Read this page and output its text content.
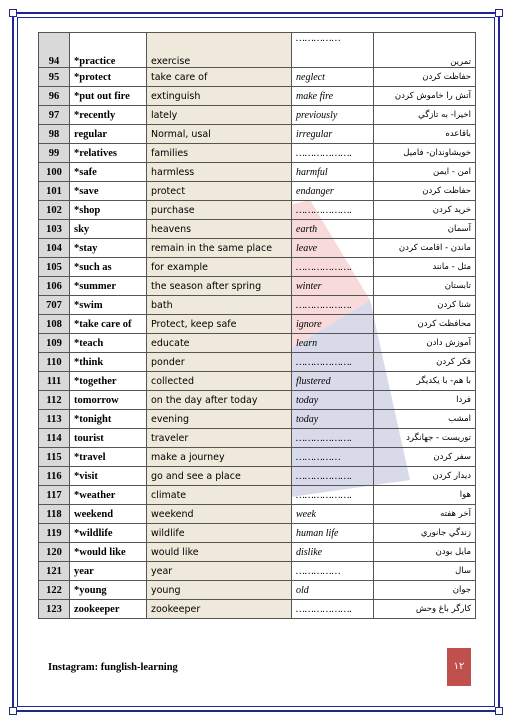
94	*practice	exercise	……………	تمرين
95	*protect	take care of	neglect	حفاظت کردن
96	*put out fire	extinguish	make fire	آتش را خاموش کردن
97	*recently	lately	previously	اخيرا- به تازگي
98	regular	Normal, usal	irregular	باقاعده
99	*relatives	families	……………….	خويشاوندان- فاميل
100	*safe	harmless	harmful	امن - ايمن
101	*save	protect	endanger	حفاظت کردن
102	*shop	purchase	……………….	خريد کردن
103	sky	heavens	earth	آسمان
104	*stay	remain in the same place	leave	ماندن - اقامت کردن
105	*such as	for example	……………….	مثل - مانند
106	*summer	the season after spring	winter	تابستان
707	*swim	bath	……………….	شنا کردن
108	*take care of	Protect, keep safe	ignore	محافظت کردن
109	*teach	educate	learn	آموزش دادن
110	*think	ponder	……………….	فکر کردن
111	*together	collected	flustered	با هم- با يکديگر
112	tomorrow	on the day after today	today	فردا
113	*tonight	evening	today	امشب
114	tourist	traveler	……………….	توريست - جهانگرد
115	*travel	make a journey	……………	سفر کردن
116	*visit	go and see a place	……………….	ديدار کردن
117	*weather	climate	……………….	هوا
118	weekend	weekend	week	آخر هفته
119	*wildlife	wildlife	human life	زندگي جانوري
120	*would like	would like	dislike	مايل بودن
121	year	year	……………	سال
122	*young	young	old	جوان
123	zookeeper	zookeeper	……………….	کارگر باغ وحش
Instagram: funglish-learning	١٢
